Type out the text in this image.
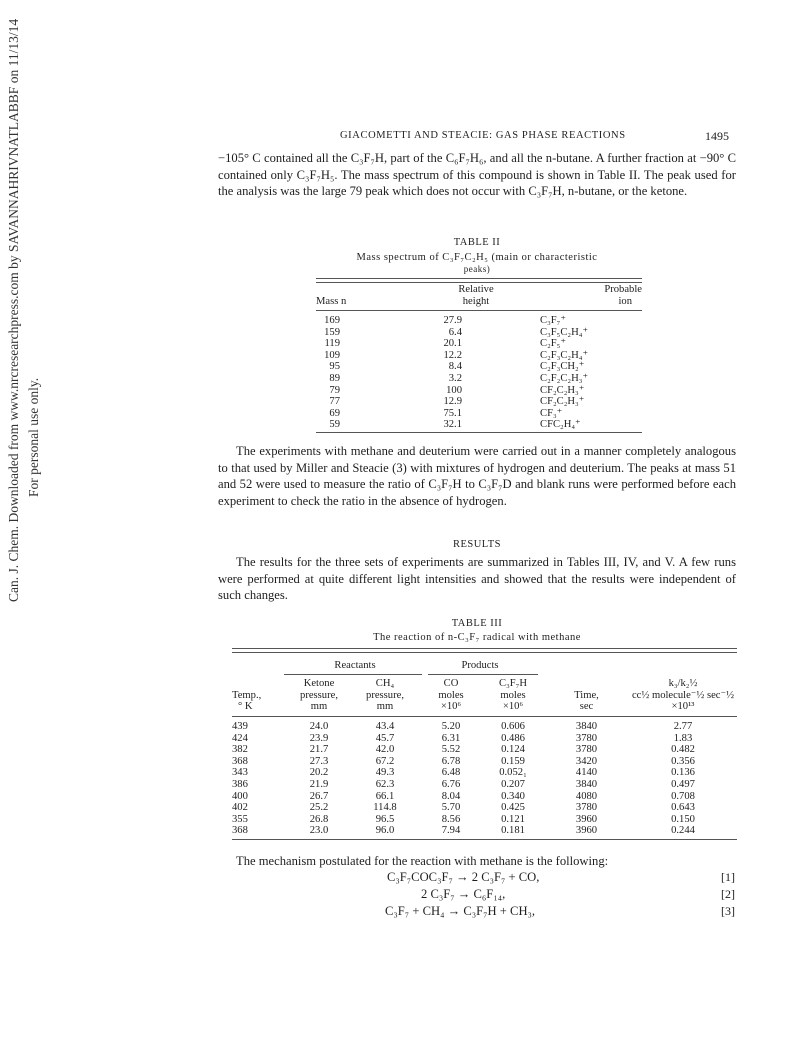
Can. J. Chem. Downloaded from www.nrcresearchpress.com by SAVANNAHRIVNATLABBF on 11/13/14 For personal use only.
GIACOMETTI AND STEACIE: GAS PHASE REACTIONS	1495

−105° C contained all the C₃F₇H, part of the C₆F₇H₆, and all the n-butane. A further fraction at −90° C contained only C₃F₇H₅. The mass spectrum of this compound is shown in Table II. The peak used for the analysis was the large 79 peak which does not occur with C₃F₇H, n-butane, or the ketone.

TABLE II
Mass spectrum of C₃F₇C₂H₅ (main or characteristic
peaks)
	Relative	Probable
Mass n	height	ion
169	27.9	C₃F₇⁺
159	6.4	C₃F₅C₂H₄⁺
119	20.1	C₂F₅⁺
109	12.2	C₂F₃C₂H₄⁺
95	8.4	C₂F₃CH₂⁺
89	3.2	C₂F₂C₂H₃⁺
79	100	CF₂C₂H₃⁺
77	12.9	CF₂C₂H₃⁺
69	75.1	CF₃⁺
59	32.1	CFC₂H₄⁺

The experiments with methane and deuterium were carried out in a manner completely analogous to that used by Miller and Steacie (3) with mixtures of hydrogen and deuterium. The peaks at mass 51 and 52 were used to measure the ratio of C₃F₇H to C₃F₇D and blank runs were performed before each experiment to check the ratio in the absence of hydrogen.

RESULTS

The results for the three sets of experiments are summarized in Tables III, IV, and V. A few runs were performed at quite different light intensities and showed that the results were independent of such changes.

TABLE III
The reaction of n-C₃F₇ radical with methane
Reactants	Products
	Ketone	CH₄	CO	C₃F₇H		k₃/k₂½
Temp.,	pressure,	pressure,	moles	moles	Time,	cc½ molecule⁻½ sec⁻½
° K	mm	mm	×10⁶	×10⁶	sec	×10¹³
439	24.0	43.4	5.20	0.606	3840	2.77
424	23.9	45.7	6.31	0.486	3780	1.83
382	21.7	42.0	5.52	0.124	3780	0.482
368	27.3	67.2	6.78	0.159	3420	0.356
343	20.2	49.3	6.48	0.052₁	4140	0.136
386	21.9	62.3	6.76	0.207	3840	0.497
400	26.7	66.1	8.04	0.340	4080	0.708
402	25.2	114.8	5.70	0.425	3780	0.643
355	26.8	96.5	8.56	0.121	3960	0.150
368	23.0	96.0	7.94	0.181	3960	0.244

The mechanism postulated for the reaction with methane is the following:

C₃F₇COC₃F₇ → 2 C₃F₇ + CO,	[1]
2 C₃F₇ → C₆F₁₄,	[2]
C₃F₇ + CH₄ → C₃F₇H + CH₃,	[3]
